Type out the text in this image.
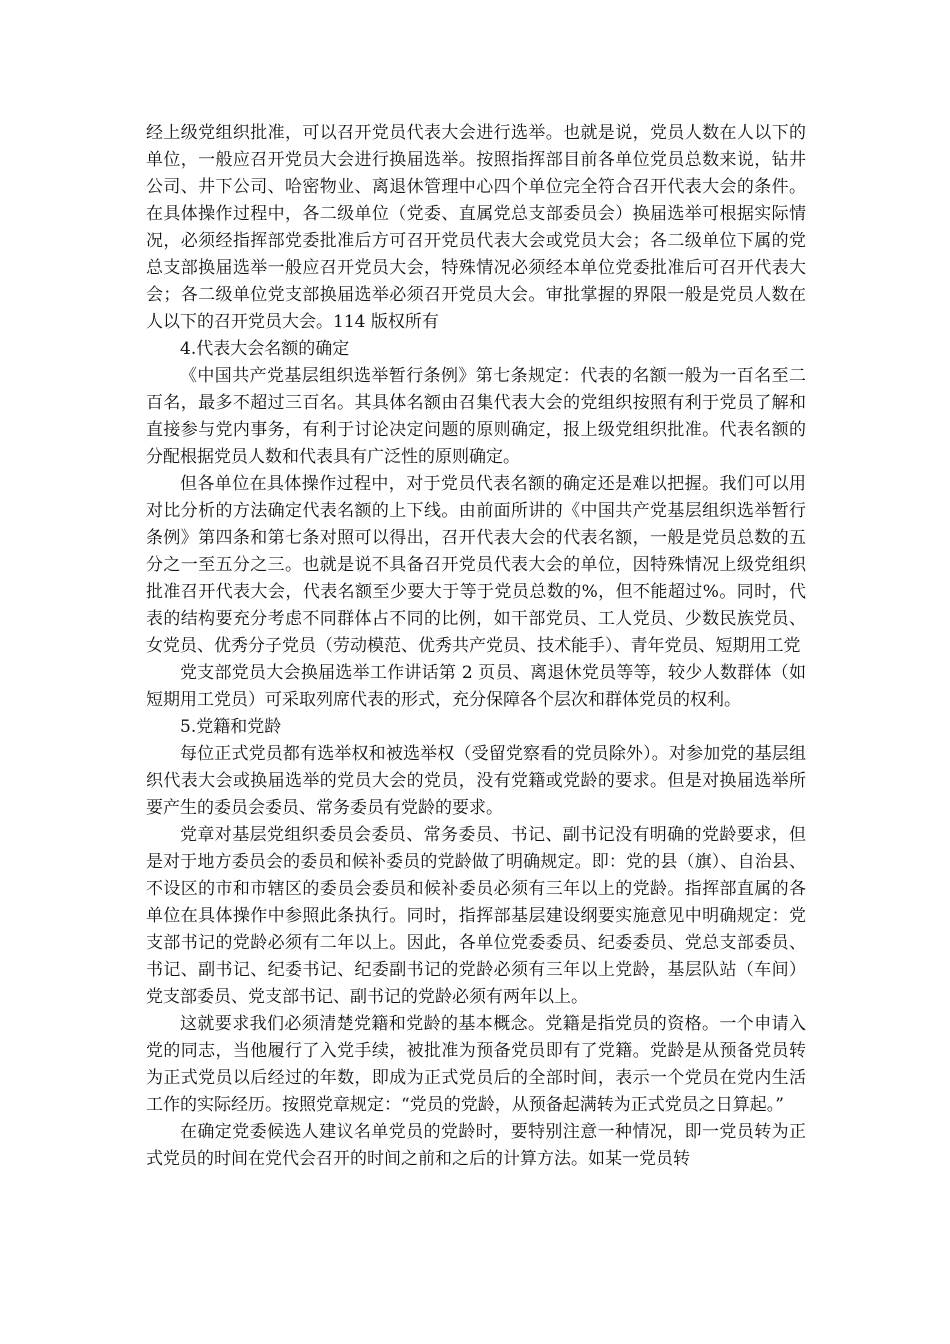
经上级党组织批准，可以召开党员代表大会进行选举。也就是说，党员人数在人以下的单位，一般应召开党员大会进行换届选举。按照指挥部目前各单位党员总数来说，钻井公司、井下公司、哈密物业、离退休管理中心四个单位完全符合召开代表大会的条件。在具体操作过程中，各二级单位（党委、直属党总支部委员会）换届选举可根据实际情况，必须经指挥部党委批准后方可召开党员代表大会或党员大会；各二级单位下属的党总支部换届选举一般应召开党员大会，特殊情况必须经本单位党委批准后可召开代表大会；各二级单位党支部换届选举必须召开党员大会。审批掌握的界限一般是党员人数在人以下的召开党员大会。114 版权所有

4.代表大会名额的确定

《中国共产党基层组织选举暂行条例》第七条规定：代表的名额一般为一百名至二百名，最多不超过三百名。其具体名额由召集代表大会的党组织按照有利于党员了解和直接参与党内事务，有利于讨论决定问题的原则确定，报上级党组织批准。代表名额的分配根据党员人数和代表具有广泛性的原则确定。

但各单位在具体操作过程中，对于党员代表名额的确定还是难以把握。我们可以用对比分析的方法确定代表名额的上下线。由前面所讲的《中国共产党基层组织选举暂行条例》第四条和第七条对照可以得出，召开代表大会的代表名额，一般是党员总数的五分之一至五分之三。也就是说不具备召开党员代表大会的单位，因特殊情况上级党组织批准召开代表大会，代表名额至少要大于等于党员总数的%，但不能超过%。同时，代表的结构要充分考虑不同群体占不同的比例，如干部党员、工人党员、少数民族党员、女党员、优秀分子党员（劳动模范、优秀共产党员、技术能手）、青年党员、短期用工党

党支部党员大会换届选举工作讲话第 2 页员、离退休党员等等，较少人数群体（如短期用工党员）可采取列席代表的形式，充分保障各个层次和群体党员的权利。

5.党籍和党龄

每位正式党员都有选举权和被选举权（受留党察看的党员除外）。对参加党的基层组织代表大会或换届选举的党员大会的党员，没有党籍或党龄的要求。但是对换届选举所要产生的委员会委员、常务委员有党龄的要求。

党章对基层党组织委员会委员、常务委员、书记、副书记没有明确的党龄要求，但是对于地方委员会的委员和候补委员的党龄做了明确规定。即：党的县（旗）、自治县、不设区的市和市辖区的委员会委员和候补委员必须有三年以上的党龄。指挥部直属的各单位在具体操作中参照此条执行。同时，指挥部基层建设纲要实施意见中明确规定：党支部书记的党龄必须有二年以上。因此，各单位党委委员、纪委委员、党总支部委员、书记、副书记、纪委书记、纪委副书记的党龄必须有三年以上党龄，基层队站（车间）党支部委员、党支部书记、副书记的党龄必须有两年以上。

这就要求我们必须清楚党籍和党龄的基本概念。党籍是指党员的资格。一个申请入党的同志，当他履行了入党手续，被批准为预备党员即有了党籍。党龄是从预备党员转为正式党员以后经过的年数，即成为正式党员后的全部时间，表示一个党员在党内生活工作的实际经历。按照党章规定：“党员的党龄，从预备起满转为正式党员之日算起。”

在确定党委候选人建议名单党员的党龄时，要特别注意一种情况，即一党员转为正式党员的时间在党代会召开的时间之前和之后的计算方法。如某一党员转
